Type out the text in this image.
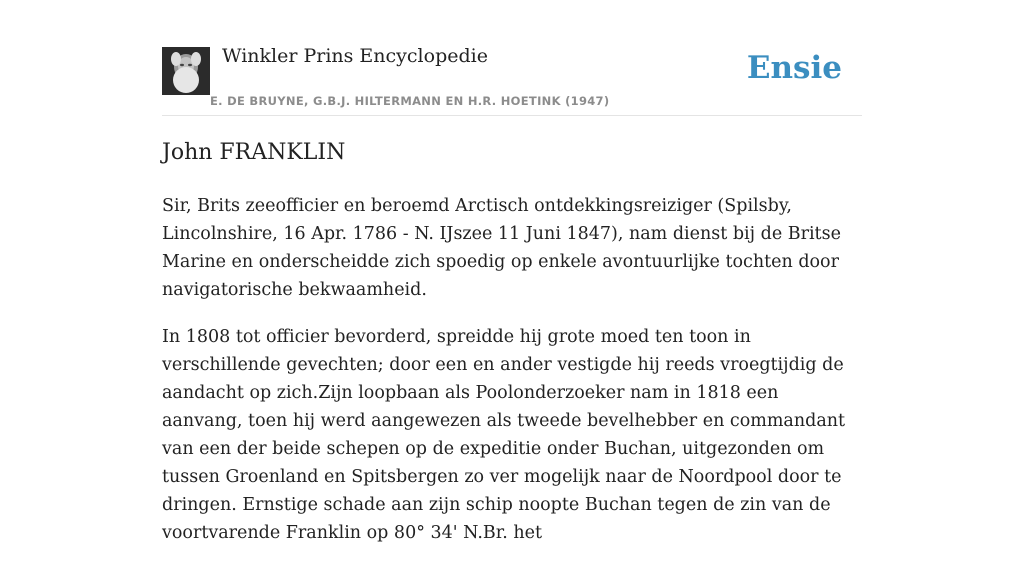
Winkler Prins Encyclopedie
E. DE BRUYNE, G.B.J. HILTERMANN EN H.R. HOETINK (1947)
Ensie
John FRANKLIN

Sir, Brits zeeofficier en beroemd Arctisch ontdekkingsreiziger (Spilsby, Lincolnshire, 16 Apr. 1786 - N. IJszee 11 Juni 1847), nam dienst bij de Britse Marine en onderscheidde zich spoedig op enkele avontuurlijke tochten door navigatorische bekwaamheid.

In 1808 tot officier bevorderd, spreidde hij grote moed ten toon in verschillende gevechten; door een en ander vestigde hij reeds vroegtijdig de aandacht op zich.Zijn loopbaan als Poolonderzoeker nam in 1818 een aanvang, toen hij werd aangewezen als tweede bevelhebber en commandant van een der beide schepen op de expeditie onder Buchan, uitgezonden om tussen Groenland en Spitsbergen zo ver mogelijk naar de Noordpool door te dringen. Ernstige schade aan zijn schip noopte Buchan tegen de zin van de voortvarende Franklin op 80° 34' N.Br. het
